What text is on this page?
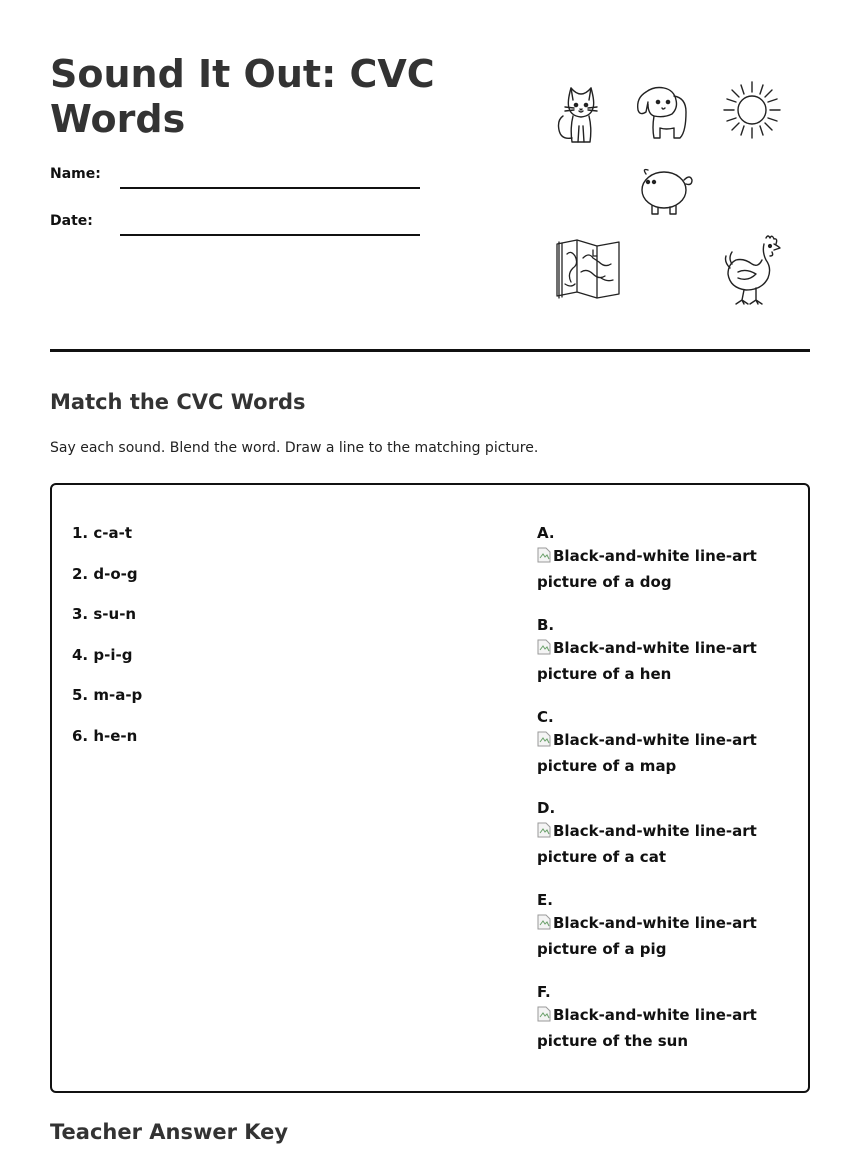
Sound It Out: CVC Words
Name:
Date:
Match the CVC Words

Say each sound. Blend the word. Draw a line to the matching picture.

1. c-a-t
2. d-o-g
3. s-u-n
4. p-i-g
5. m-a-p
6. h-e-n
A.
Black-and-white line-art picture of a dog
B.
Black-and-white line-art picture of a hen
C.
Black-and-white line-art picture of a map
D.
Black-and-white line-art picture of a cat
E.
Black-and-white line-art picture of a pig
F.
Black-and-white line-art picture of the sun
Teacher Answer Key
